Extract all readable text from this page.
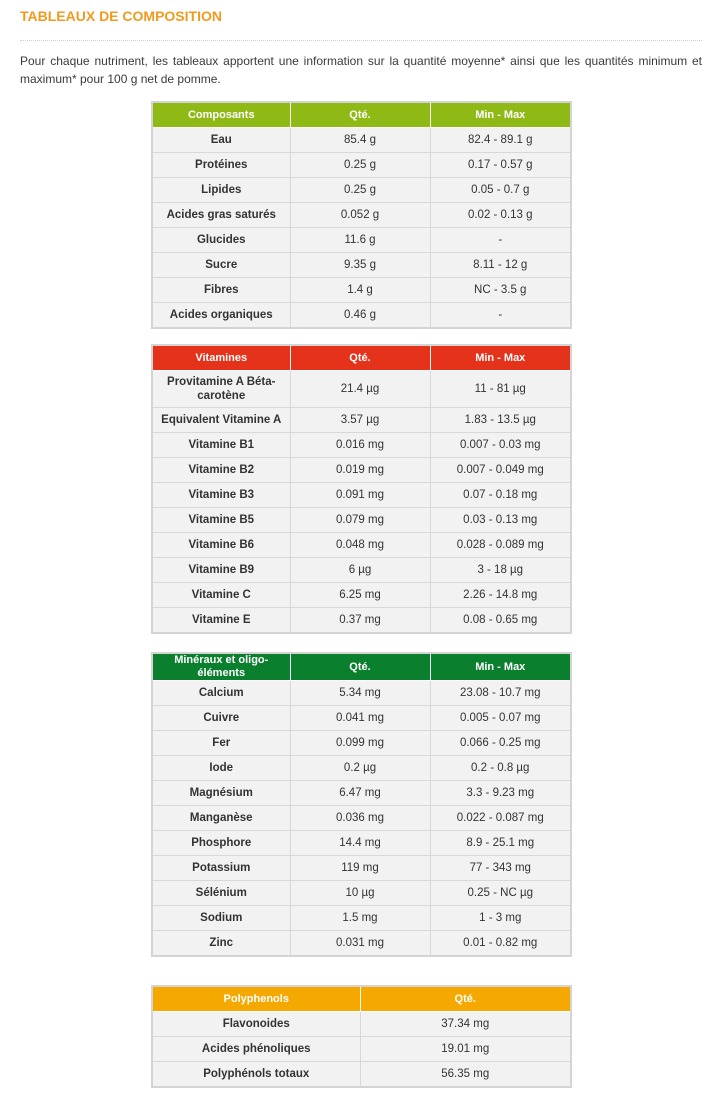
TABLEAUX DE COMPOSITION
Pour chaque nutriment, les tableaux apportent une information sur la quantité moyenne* ainsi que les quantités minimum et maximum* pour 100 g net de pomme.
Composants	Qté.	Min - Max
Eau	85.4 g	82.4 - 89.1 g
Protéines	0.25 g	0.17 - 0.57 g
Lipides	0.25 g	0.05 - 0.7 g
Acides gras saturés	0.052 g	0.02 - 0.13 g
Glucides	11.6 g	-
Sucre	9.35 g	8.11 - 12 g
Fibres	1.4 g	NC - 3.5 g
Acides organiques	0.46 g	-
Vitamines	Qté.	Min - Max
Provitamine A Béta-carotène	21.4 µg	11 - 81 µg
Equivalent Vitamine A	3.57 µg	1.83 - 13.5 µg
Vitamine B1	0.016 mg	0.007 - 0.03 mg
Vitamine B2	0.019 mg	0.007 - 0.049 mg
Vitamine B3	0.091 mg	0.07 - 0.18 mg
Vitamine B5	0.079 mg	0.03 - 0.13 mg
Vitamine B6	0.048 mg	0.028 - 0.089 mg
Vitamine B9	6 µg	3 - 18 µg
Vitamine C	6.25 mg	2.26 - 14.8 mg
Vitamine E	0.37 mg	0.08 - 0.65 mg
Minéraux et oligo-éléments	Qté.	Min - Max
Calcium	5.34 mg	23.08 - 10.7 mg
Cuivre	0.041 mg	0.005 - 0.07 mg
Fer	0.099 mg	0.066 - 0.25 mg
Iode	0.2 µg	0.2 - 0.8 µg
Magnésium	6.47 mg	3.3 - 9.23 mg
Manganèse	0.036 mg	0.022 - 0.087 mg
Phosphore	14.4 mg	8.9 - 25.1 mg
Potassium	119 mg	77 - 343 mg
Sélénium	10 µg	0.25 - NC µg
Sodium	1.5 mg	1 - 3 mg
Zinc	0.031 mg	0.01 - 0.82 mg
Polyphenols	Qté.
Flavonoides	37.34 mg
Acides phénoliques	19.01 mg
Polyphénols totaux	56.35 mg
